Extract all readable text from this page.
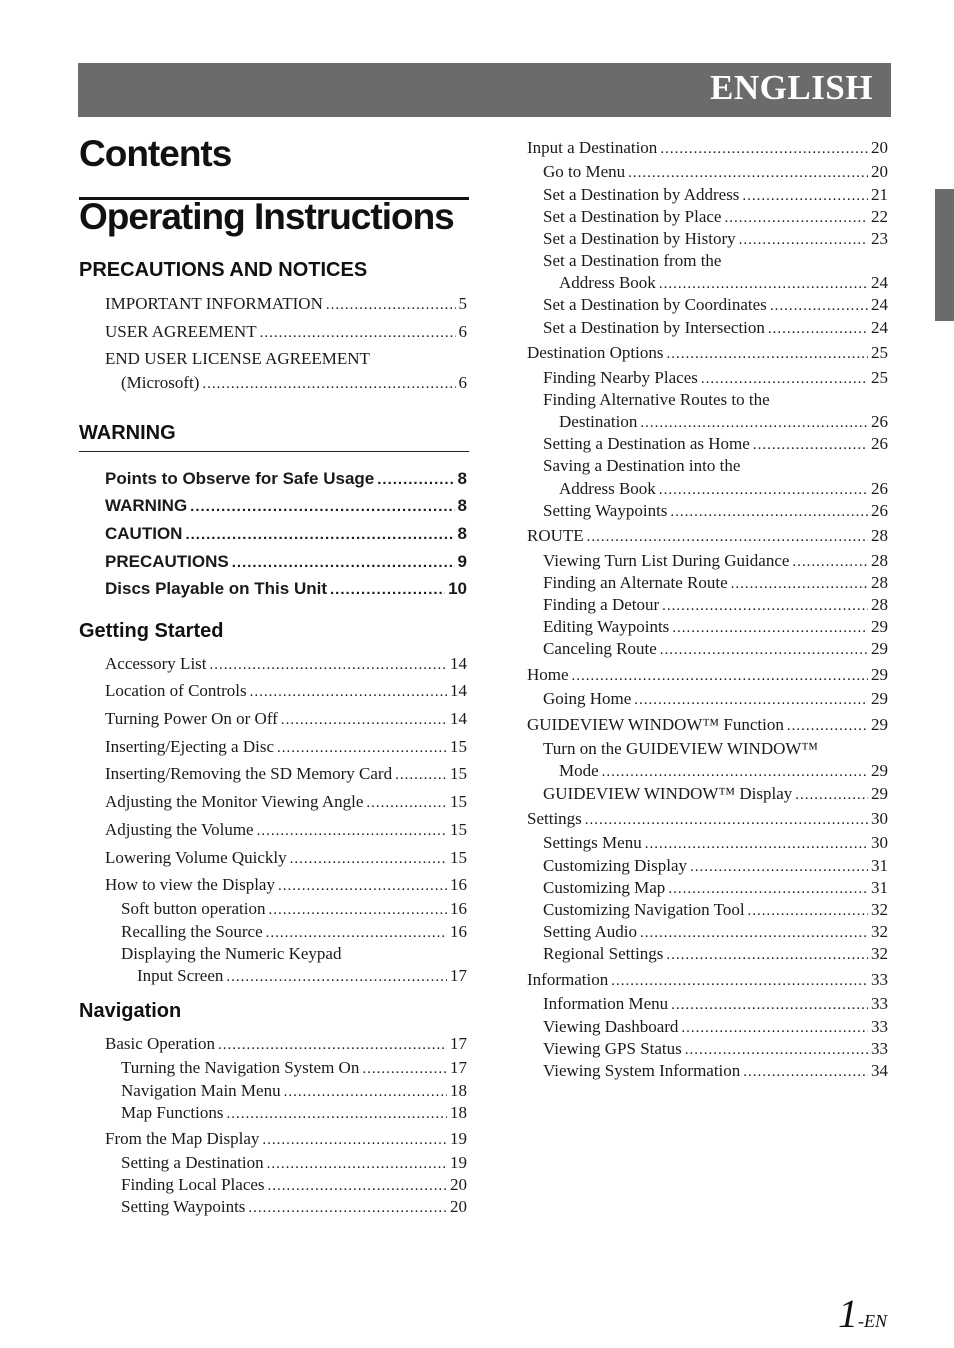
ENGLISH
Contents
Operating Instructions
PRECAUTIONS AND NOTICES
IMPORTANT INFORMATION .....	5
USER AGREEMENT .....	6
END USER LICENSE AGREEMENT
(Microsoft) .....	6
WARNING
Points to Observe for Safe Usage .....	8
WARNING .....	8
CAUTION .....	8
PRECAUTIONS .....	9
Discs Playable on This Unit .....	10
Getting Started
Accessory List .....	14
Location of Controls .....	14
Turning Power On or Off .....	14
Inserting/Ejecting a Disc .....	15
Inserting/Removing the SD Memory Card .....	15
Adjusting the Monitor Viewing Angle .....	15
Adjusting the Volume .....	15
Lowering Volume Quickly .....	15
How to view the Display .....	16
Soft button operation .....	16
Recalling the Source .....	16
Displaying the Numeric Keypad
Input Screen .....	17
Navigation
Basic Operation .....	17
Turning the Navigation System On .....	17
Navigation Main Menu .....	18
Map Functions .....	18
From the Map Display .....	19
Setting a Destination .....	19
Finding Local Places .....	20
Setting Waypoints .....	20
Input a Destination .....	20
Go to Menu .....	20
Set a Destination by Address .....	21
Set a Destination by Place .....	22
Set a Destination by History .....	23
Set a Destination from the
Address Book .....	24
Set a Destination by Coordinates .....	24
Set a Destination by Intersection .....	24
Destination Options .....	25
Finding Nearby Places .....	25
Finding Alternative Routes to the
Destination .....	26
Setting a Destination as Home .....	26
Saving a Destination into the
Address Book .....	26
Setting Waypoints .....	26
ROUTE .....	28
Viewing Turn List During Guidance .....	28
Finding an Alternate Route .....	28
Finding a Detour .....	28
Editing Waypoints .....	29
Canceling Route .....	29
Home .....	29
Going Home .....	29
GUIDEVIEW WINDOW™ Function .....	29
Turn on the GUIDEVIEW WINDOW™
Mode .....	29
GUIDEVIEW WINDOW™ Display .....	29
Settings .....	30
Settings Menu .....	30
Customizing Display .....	31
Customizing Map .....	31
Customizing Navigation Tool .....	32
Setting Audio .....	32
Regional Settings .....	32
Information .....	33
Information Menu .....	33
Viewing Dashboard .....	33
Viewing GPS Status .....	33
Viewing System Information .....	34
1-EN
